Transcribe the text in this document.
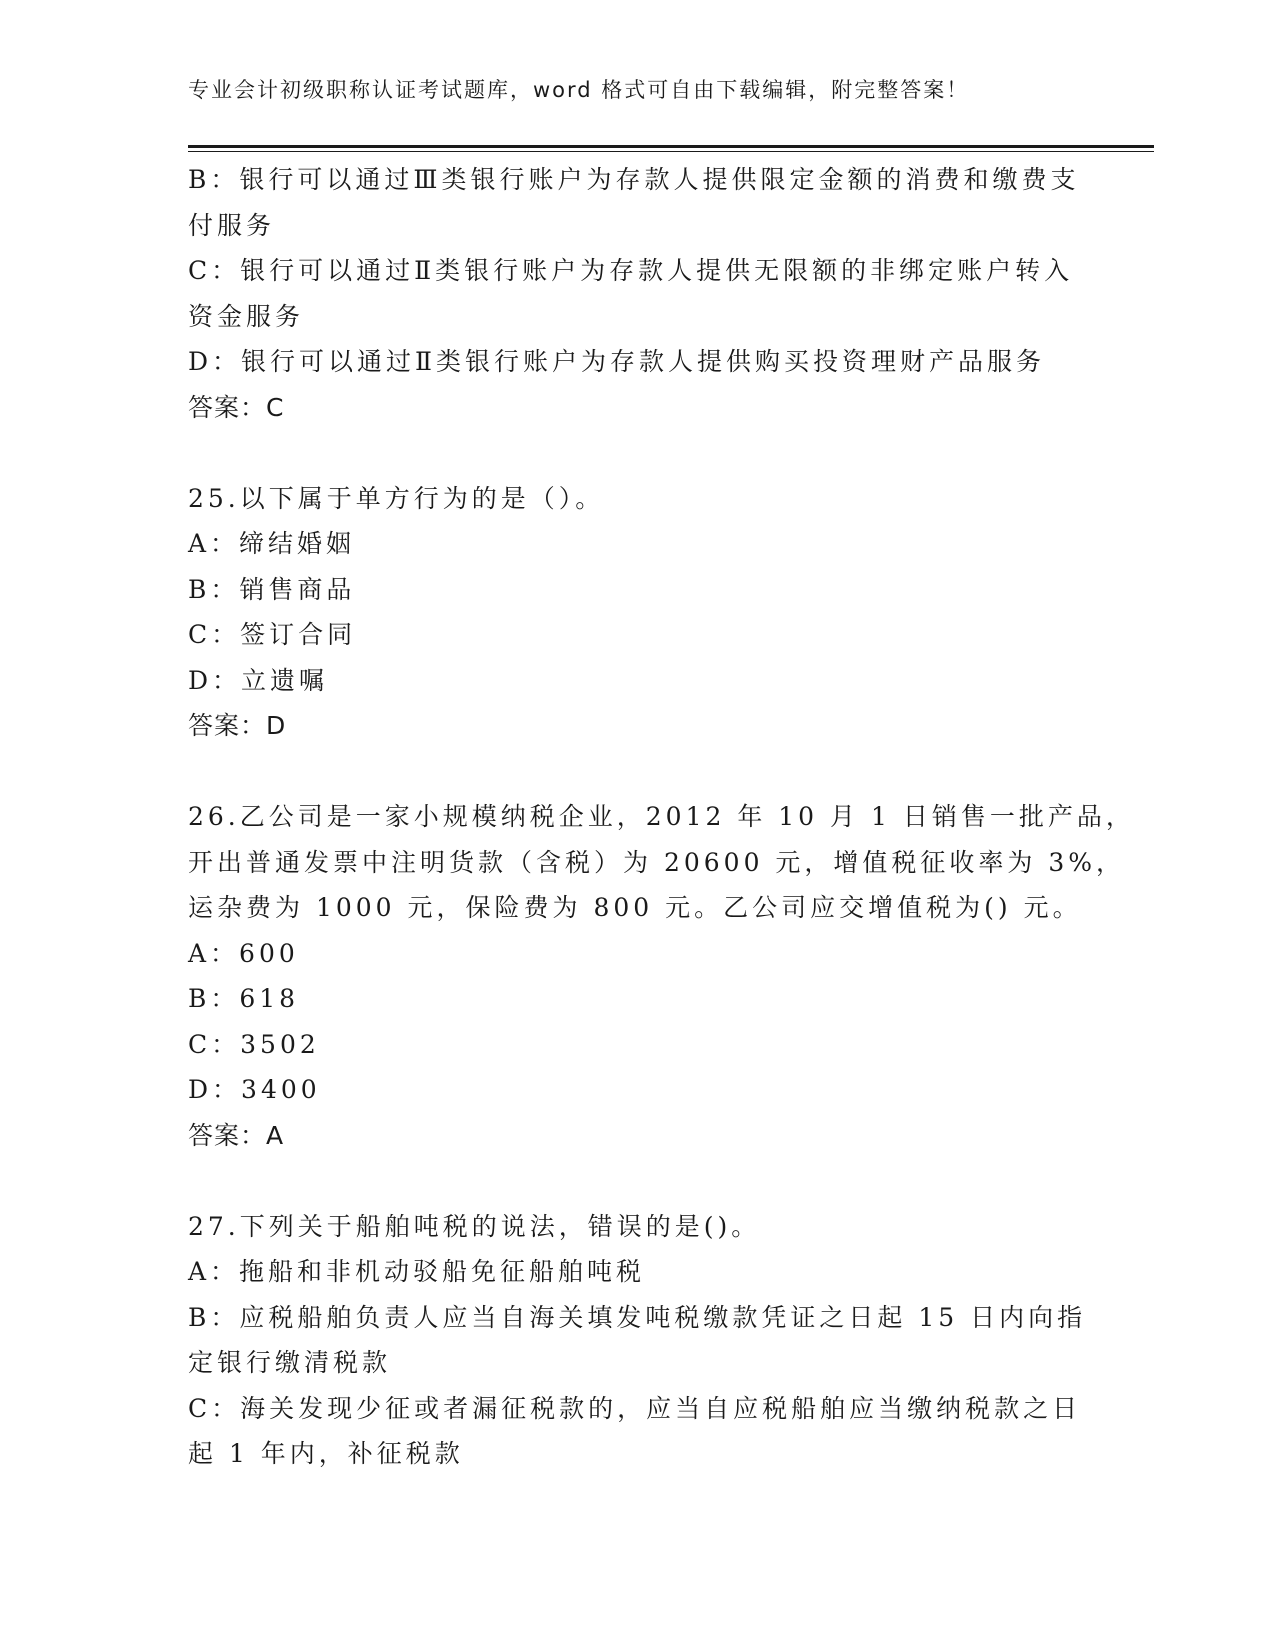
专业会计初级职称认证考试题库，word 格式可自由下载编辑，附完整答案！
B：银行可以通过Ⅲ类银行账户为存款人提供限定金额的消费和缴费支
付服务
C：银行可以通过Ⅱ类银行账户为存款人提供无限额的非绑定账户转入
资金服务
D：银行可以通过Ⅱ类银行账户为存款人提供购买投资理财产品服务
答案：C
25.以下属于单方行为的是（）。
A：缔结婚姻
B：销售商品
C：签订合同
D：立遗嘱
答案：D
26.乙公司是一家小规模纳税企业，2012 年 10 月 1 日销售一批产品，
开出普通发票中注明货款（含税）为 20600 元，增值税征收率为 3%，
运杂费为 1000 元，保险费为 800 元。乙公司应交增值税为() 元。
A：600
B：618
C：3502
D：3400
答案：A
27.下列关于船舶吨税的说法，错误的是()。
A：拖船和非机动驳船免征船舶吨税
B：应税船舶负责人应当自海关填发吨税缴款凭证之日起 15 日内向指
定银行缴清税款
C：海关发现少征或者漏征税款的，应当自应税船舶应当缴纳税款之日
起 1 年内，补征税款
